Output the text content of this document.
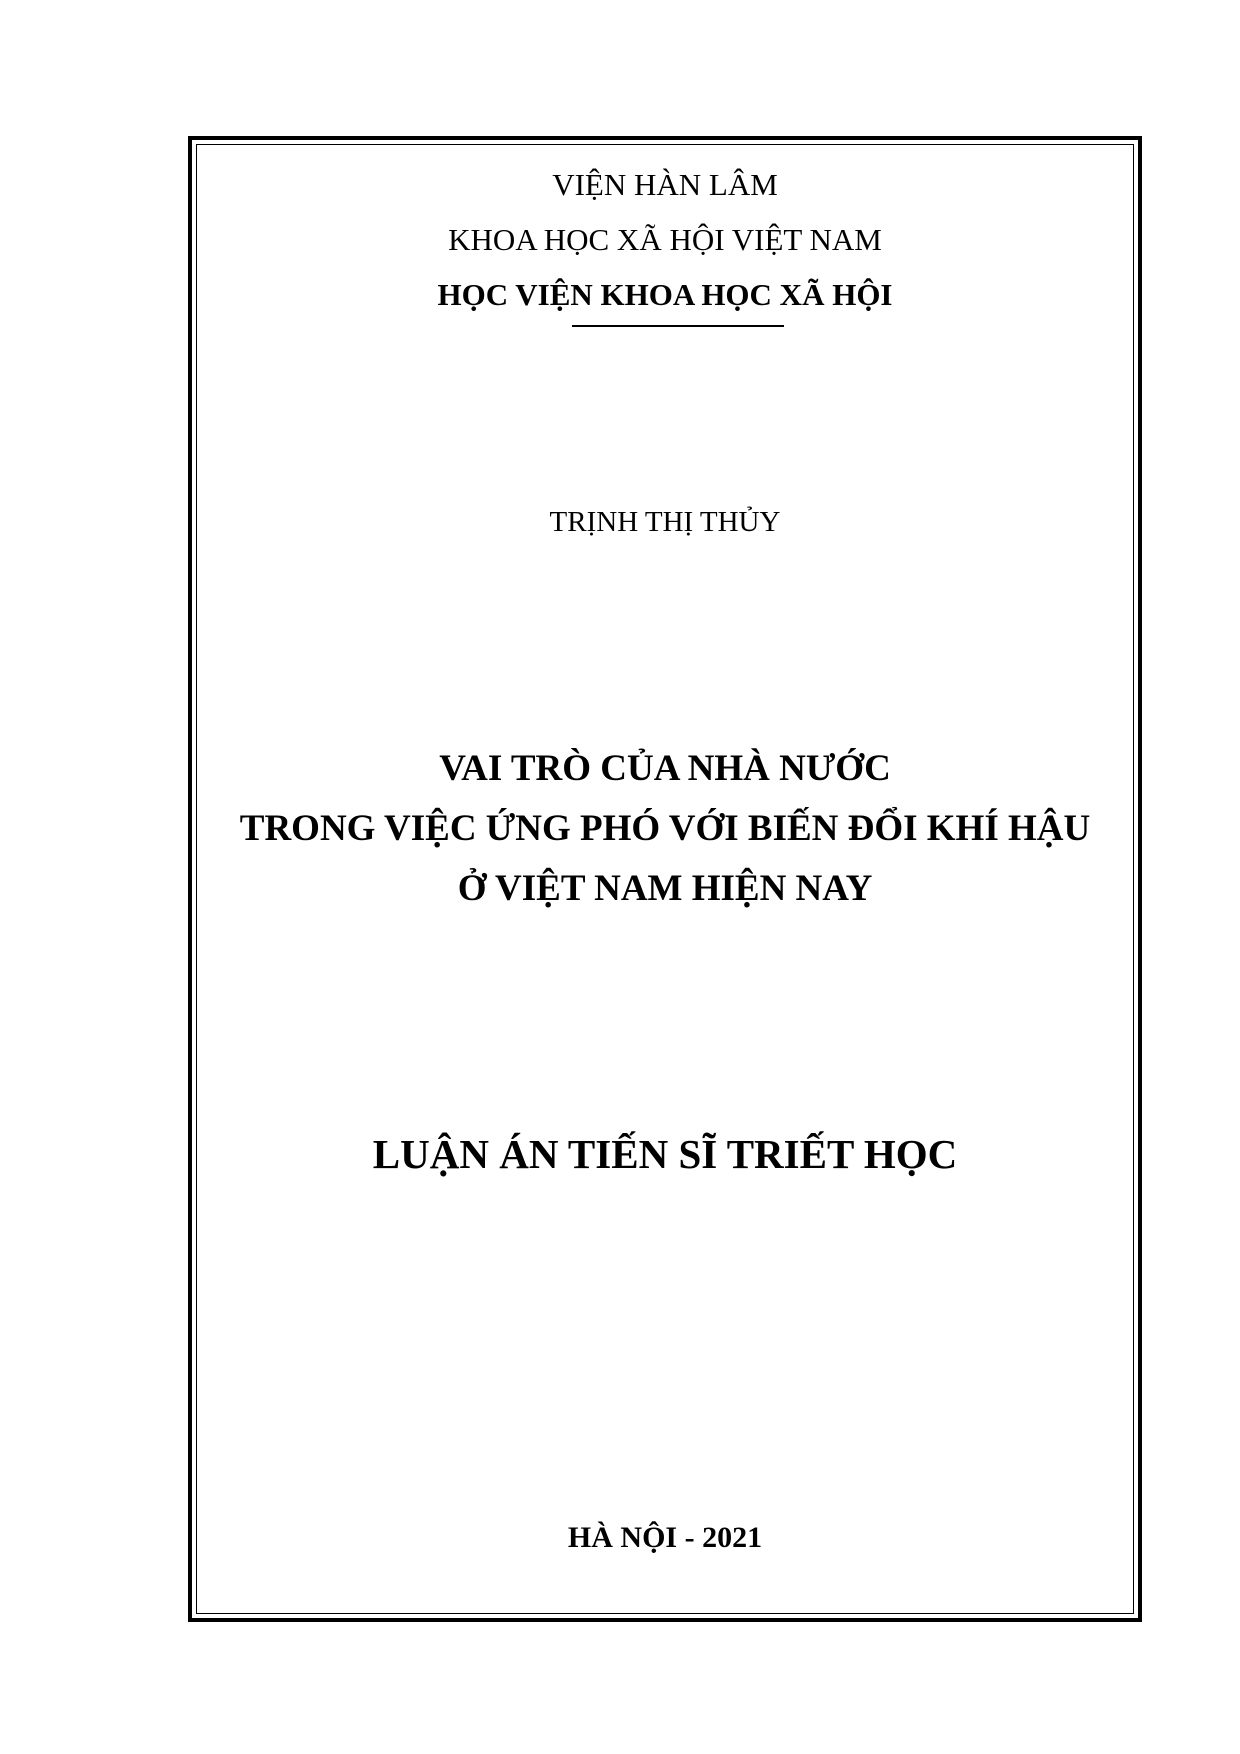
VIỆN HÀN LÂM
KHOA HỌC XÃ HỘI VIỆT NAM
HỌC VIỆN KHOA HỌC XÃ HỘI
TRỊNH THỊ THỦY
VAI TRÒ CỦA NHÀ NƯỚC
TRONG VIỆC ỨNG PHÓ VỚI BIẾN ĐỔI KHÍ HẬU
Ở VIỆT NAM HIỆN NAY
LUẬN ÁN TIẾN SĨ TRIẾT HỌC
HÀ NỘI - 2021
